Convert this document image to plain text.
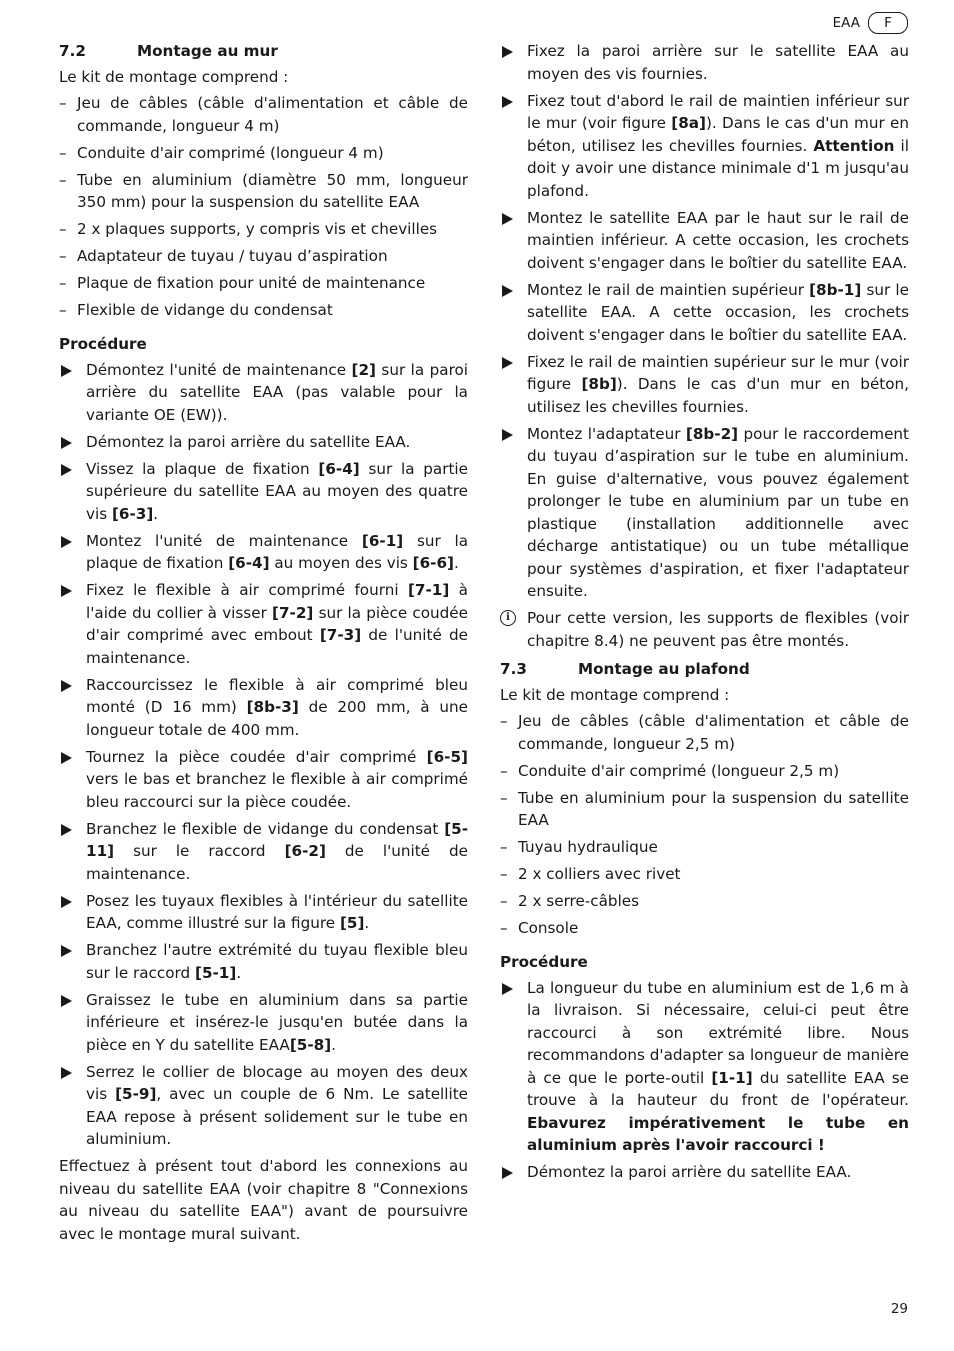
EAA	F
7.2	Montage au mur
Le kit de montage comprend :
– Jeu de câbles (câble d'alimentation et câble de commande, longueur 4 m)
– Conduite d'air comprimé (longueur 4 m)
– Tube en aluminium (diamètre 50 mm, longueur 350 mm) pour la suspension du satellite EAA
– 2 x plaques supports, y compris vis et chevilles
– Adaptateur de tuyau / tuyau d’aspiration
– Plaque de fixation pour unité de maintenance
– Flexible de vidange du condensat
Procédure
Démontez l'unité de maintenance [2] sur la paroi arrière du satellite EAA (pas valable pour la variante OE (EW)).
Démontez la paroi arrière du satellite EAA.
Vissez la plaque de fixation [6-4] sur la partie supérieure du satellite EAA au moyen des quatre vis [6-3].
Montez l'unité de maintenance [6-1] sur la plaque de fixation [6-4] au moyen des vis [6-6].
Fixez le flexible à air comprimé fourni [7-1] à l'aide du collier à visser [7-2] sur la pièce coudée d'air comprimé avec embout [7-3] de l'unité de maintenance.
Raccourcissez le flexible à air comprimé bleu monté (D 16 mm) [8b-3] de 200 mm, à une longueur totale de 400 mm.
Tournez la pièce coudée d'air comprimé [6-5] vers le bas et branchez le flexible à air comprimé bleu raccourci sur la pièce coudée.
Branchez le flexible de vidange du condensat [5-11] sur le raccord [6-2] de l'unité de maintenance.
Posez les tuyaux flexibles à l'intérieur du satellite EAA, comme illustré sur la figure [5].
Branchez l'autre extrémité du tuyau flexible bleu sur le raccord [5-1].
Graissez le tube en aluminium dans sa partie inférieure et insérez-le jusqu'en butée dans la pièce en Y du satellite EAA[5-8].
Serrez le collier de blocage au moyen des deux vis [5-9], avec un couple de 6 Nm. Le satellite EAA repose à présent solidement sur le tube en aluminium.
Effectuez à présent tout d'abord les connexions au niveau du satellite EAA (voir chapitre 8 "Connexions au niveau du satellite EAA") avant de poursuivre avec le montage mural suivant.
Fixez la paroi arrière sur le satellite EAA au moyen des vis fournies.
Fixez tout d'abord le rail de maintien inférieur sur le mur (voir figure [8a]). Dans le cas d'un mur en béton, utilisez les chevilles fournies. Attention il doit y avoir une distance minimale d'1 m jusqu'au plafond.
Montez le satellite EAA par le haut sur le rail de maintien inférieur. A cette occasion, les crochets doivent s'engager dans le boîtier du satellite EAA.
Montez le rail de maintien supérieur [8b-1] sur le satellite EAA. A cette occasion, les crochets doivent s'engager dans le boîtier du satellite EAA.
Fixez le rail de maintien supérieur sur le mur (voir figure [8b]). Dans le cas d'un mur en béton, utilisez les chevilles fournies.
Montez l'adaptateur [8b-2] pour le raccordement du tuyau d’aspiration sur le tube en aluminium. En guise d'alternative, vous pouvez également prolonger le tube en aluminium par un tube en plastique (installation additionnelle avec décharge antistatique) ou un tube métallique pour systèmes d'aspiration, et fixer l'adaptateur ensuite.
i	Pour cette version, les supports de flexibles (voir chapitre 8.4) ne peuvent pas être montés.
7.3	Montage au plafond
Le kit de montage comprend :
– Jeu de câbles (câble d'alimentation et câble de commande, longueur 2,5 m)
– Conduite d'air comprimé (longueur 2,5 m)
– Tube en aluminium pour la suspension du satellite EAA
– Tuyau hydraulique
– 2 x colliers avec rivet
– 2 x serre-câbles
– Console
Procédure
La longueur du tube en aluminium est de 1,6 m à la livraison. Si nécessaire, celui-ci peut être raccourci à son extrémité libre. Nous recommandons d'adapter sa longueur de manière à ce que le porte-outil [1-1] du satellite EAA se trouve à la hauteur du front de l'opérateur. Ebavurez impérativement le tube en aluminium après l'avoir raccourci !
Démontez la paroi arrière du satellite EAA.
29
